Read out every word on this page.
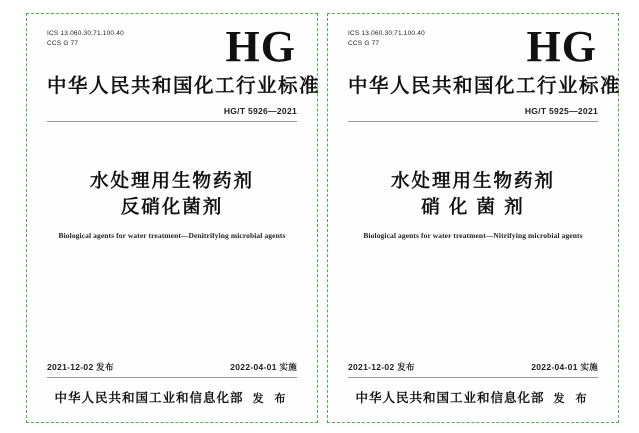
ICS 13.060.30;71.100.40
CCS G 77	HG
中华人民共和国化工行业标准
HG/T 5926—2021
水处理用生物药剂
反硝化菌剂
Biological agents for water treatment—Denitrifying microbial agents
2021-12-02 发布	2022-04-01 实施
中华人民共和国工业和信息化部 发 布
ICS 13.060.30;71.100.40
CCS G 77	HG
中华人民共和国化工行业标准
HG/T 5925—2021
水处理用生物药剂
硝 化 菌 剂
Biological agents for water treatment—Nitrifying microbial agents
2021-12-02 发布	2022-04-01 实施
中华人民共和国工业和信息化部 发 布
